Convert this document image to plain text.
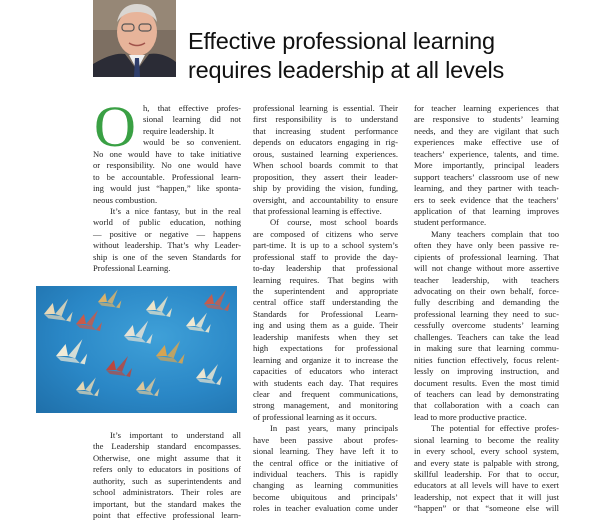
Effective professional learning
requires leadership at all levels
O h, that effective profes-
sional learning did not
require leadership. It
would be so convenient.
No one would have to take initiative
or responsibility. No one would have
to be accountable. Professional learn-
ing would just “happen,” like sponta-
neous combustion.
It’s a nice fantasy, but in the real
world of public education, nothing
— positive or negative — happens
without leadership. That’s why Leader-
ship is one of the seven Standards for
Professional Learning.
It’s important to understand all
the Leadership standard encompasses.
Otherwise, one might assume that it
refers only to educators in positions of
authority, such as superintendents and
school administrators. Their roles are
important, but the standard makes the
point that effective professional learn-
professional learning is essential. Their
first responsibility is to understand
that increasing student performance
depends on educators engaging in rig-
orous, sustained learning experiences.
When school boards commit to that
proposition, they assert their leader-
ship by providing the vision, funding,
oversight, and accountability to ensure
that professional learning is effective.
Of course, most school boards
are composed of citizens who serve
part-time. It is up to a school system’s
professional staff to provide the day-
to-day leadership that professional
learning requires. That begins with
the superintendent and appropriate
central office staff understanding the
Standards for Professional Learn-
ing and using them as a guide. Their
leadership manifests when they set
high expectations for professional
learning and organize it to increase the
capacities of educators who interact
with students each day. That requires
clear and frequent communications,
strong management, and monitoring
of professional learning as it occurs.
In past years, many principals
have been passive about profes-
sional learning. They have left it to
the central office or the initiative of
individual teachers. This is rapidly
changing as learning communities
become ubiquitous and principals’
roles in teacher evaluation come under
for teacher learning experiences that
are responsive to students’ learning
needs, and they are vigilant that such
experiences make effective use of
teachers’ experience, talents, and time.
More importantly, principal leaders
support teachers’ classroom use of new
learning, and they partner with teach-
ers to seek evidence that the teachers’
application of that learning improves
student performance.
Many teachers complain that too
often they have only been passive re-
cipients of professional learning. That
will not change without more assertive
teacher leadership, with teachers
advocating on their own behalf, force-
fully describing and demanding the
professional learning they need to suc-
cessfully overcome students’ learning
challenges. Teachers can take the lead
in making sure that learning commu-
nities function effectively, focus relent-
lessly on improving instruction, and
document results. Even the most timid
of teachers can lead by demonstrating
that collaboration with a coach can
lead to more productive practice.
The potential for effective profes-
sional learning to become the reality
in every school, every school system,
and every state is palpable with strong,
skillful leadership. For that to occur,
educators at all levels will have to exert
leadership, not expect that it will just
“happen” or that “someone else will
